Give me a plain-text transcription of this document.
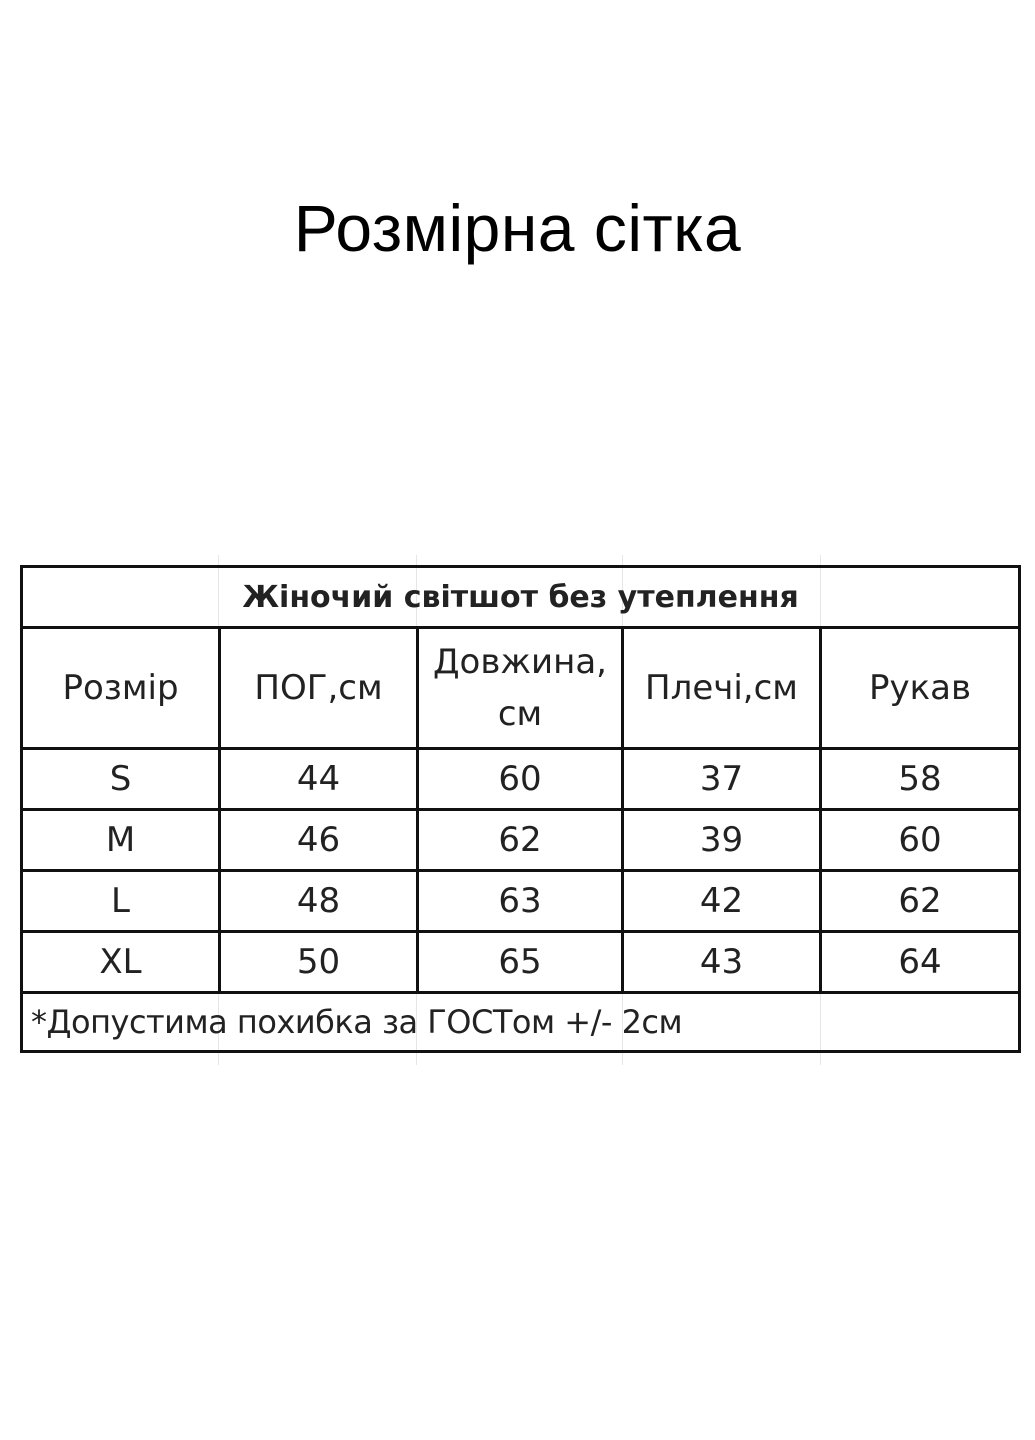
Розмірна сітка
Жіночий світшот без утеплення				
Розмір	ПОГ,см	Довжина, см	Плечі,см	Рукав
S	44	60	37	58
M	46	62	39	60
L	48	63	42	62
XL	50	65	43	64
*Допустима похибка за ГОСТом +/- 2см				
